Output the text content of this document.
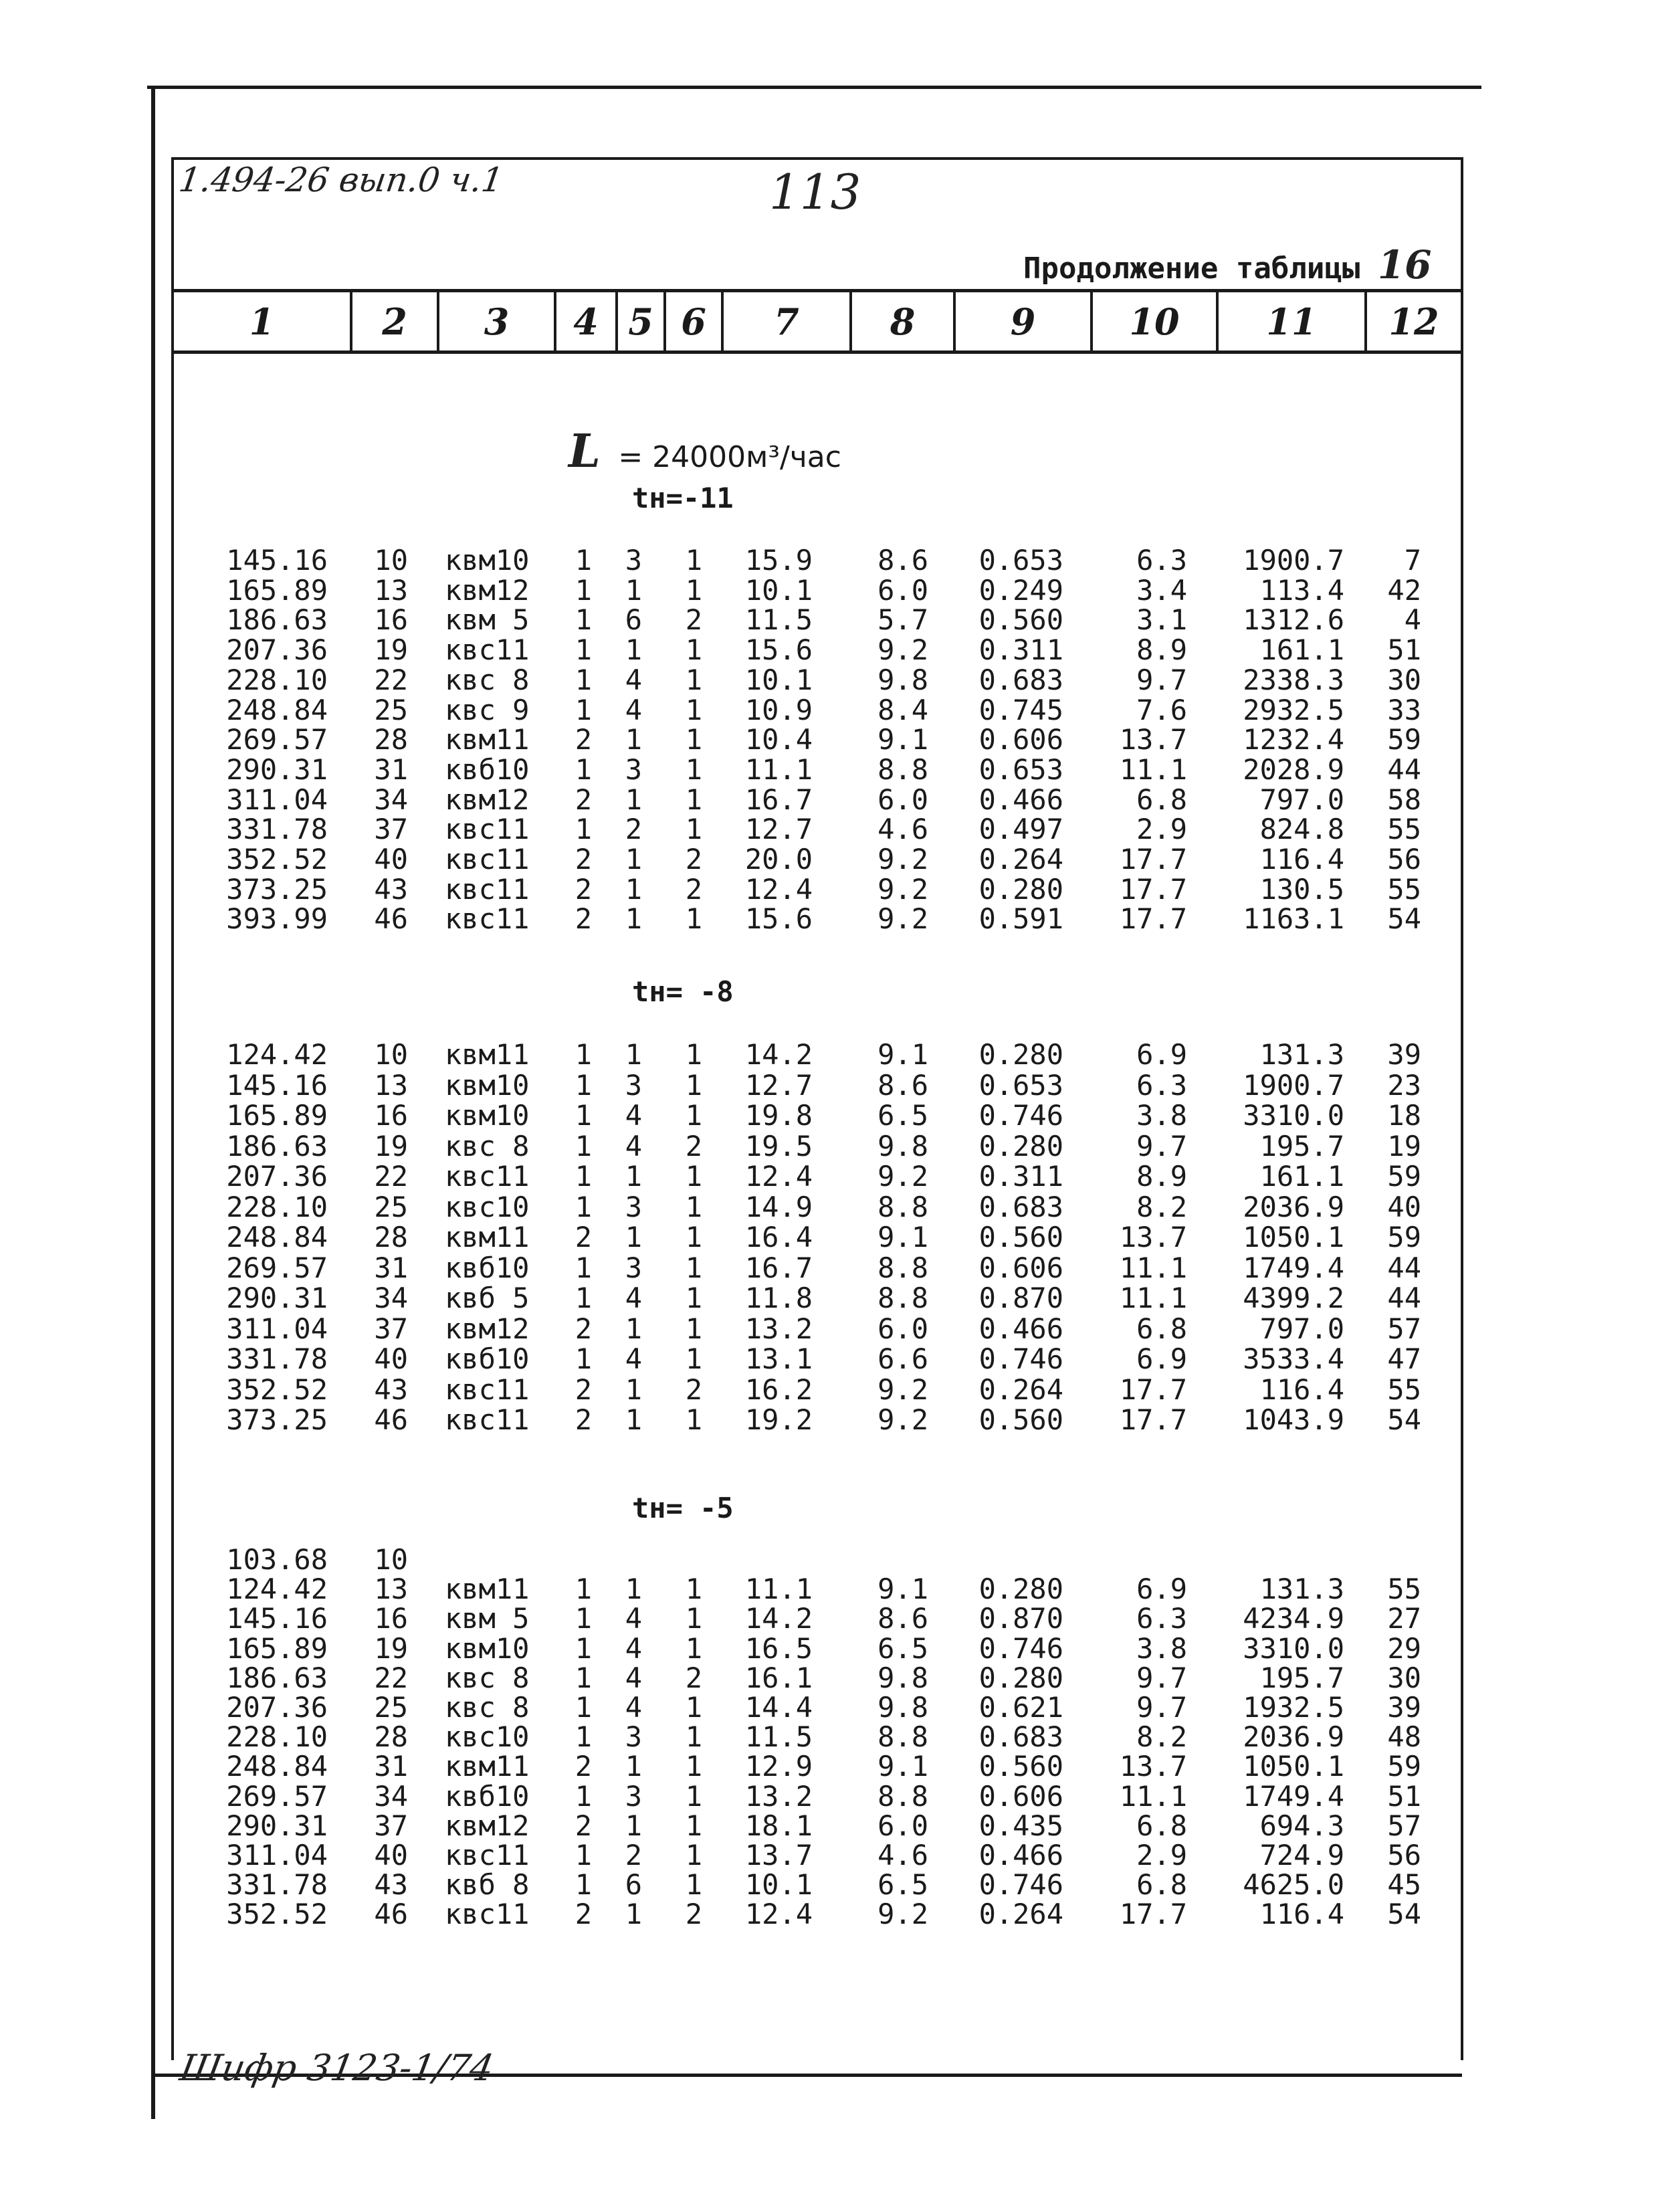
1.494-26 вып.0 ч.1	113
Продолжение таблицы 16
1	2	3	4 5 6	7	8	9	10	11	12
L = 24000м³/час
tн=-11
145.16	10 квм10	1	3	1	15.9	8.6	0.653	6.3	1900.7	7
165.89	13 квм12	1	1	1	10.1	6.0	0.249	3.4	113.4	42
186.63	16 квм 5	1	6	2	11.5	5.7	0.560	3.1	1312.6	4
207.36	19 квс11	1	1	1	15.6	9.2	0.311	8.9	161.1	51
228.10	22 квс 8	1	4	1	10.1	9.8	0.683	9.7	2338.3	30
248.84	25 квс 9	1	4	1	10.9	8.4	0.745	7.6	2932.5	33
269.57	28 квм11	2	1	1	10.4	9.1	0.606	13.7	1232.4	59
290.31	31 квб10	1	3	1	11.1	8.8	0.653	11.1	2028.9	44
311.04	34 квм12	2	1	1	16.7	6.0	0.466	6.8	797.0	58
331.78	37 квс11	1	2	1	12.7	4.6	0.497	2.9	824.8	55
352.52	40 квс11	2	1	2	20.0	9.2	0.264	17.7	116.4	56
373.25	43 квс11	2	1	2	12.4	9.2	0.280	17.7	130.5	55
393.99	46 квс11	2	1	1	15.6	9.2	0.591	17.7	1163.1	54
tн= -8
124.42	10 квм11	1	1	1	14.2	9.1	0.280	6.9	131.3	39
145.16	13 квм10	1	3	1	12.7	8.6	0.653	6.3	1900.7	23
165.89	16 квм10	1	4	1	19.8	6.5	0.746	3.8	3310.0	18
186.63	19 квс 8	1	4	2	19.5	9.8	0.280	9.7	195.7	19
207.36	22 квс11	1	1	1	12.4	9.2	0.311	8.9	161.1	59
228.10	25 квс10	1	3	1	14.9	8.8	0.683	8.2	2036.9	40
248.84	28 квм11	2	1	1	16.4	9.1	0.560	13.7	1050.1	59
269.57	31 квб10	1	3	1	16.7	8.8	0.606	11.1	1749.4	44
290.31	34 квб 5	1	4	1	11.8	8.8	0.870	11.1	4399.2	44
311.04	37 квм12	2	1	1	13.2	6.0	0.466	6.8	797.0	57
331.78	40 квб10	1	4	1	13.1	6.6	0.746	6.9	3533.4	47
352.52	43 квс11	2	1	2	16.2	9.2	0.264	17.7	116.4	55
373.25	46 квс11	2	1	1	19.2	9.2	0.560	17.7	1043.9	54
tн= -5
103.68	10
124.42	13 квм11	1	1	1	11.1	9.1	0.280	6.9	131.3	55
145.16	16 квм 5	1	4	1	14.2	8.6	0.870	6.3	4234.9	27
165.89	19 квм10	1	4	1	16.5	6.5	0.746	3.8	3310.0	29
186.63	22 квс 8	1	4	2	16.1	9.8	0.280	9.7	195.7	30
207.36	25 квс 8	1	4	1	14.4	9.8	0.621	9.7	1932.5	39
228.10	28 квс10	1	3	1	11.5	8.8	0.683	8.2	2036.9	48
248.84	31 квм11	2	1	1	12.9	9.1	0.560	13.7	1050.1	59
269.57	34 квб10	1	3	1	13.2	8.8	0.606	11.1	1749.4	51
290.31	37 квм12	2	1	1	18.1	6.0	0.435	6.8	694.3	57
311.04	40 квс11	1	2	1	13.7	4.6	0.466	2.9	724.9	56
331.78	43 квб 8	1	6	1	10.1	6.5	0.746	6.8	4625.0	45
352.52	46 квс11	2	1	2	12.4	9.2	0.264	17.7	116.4	54
Шифр 3123-1/74
